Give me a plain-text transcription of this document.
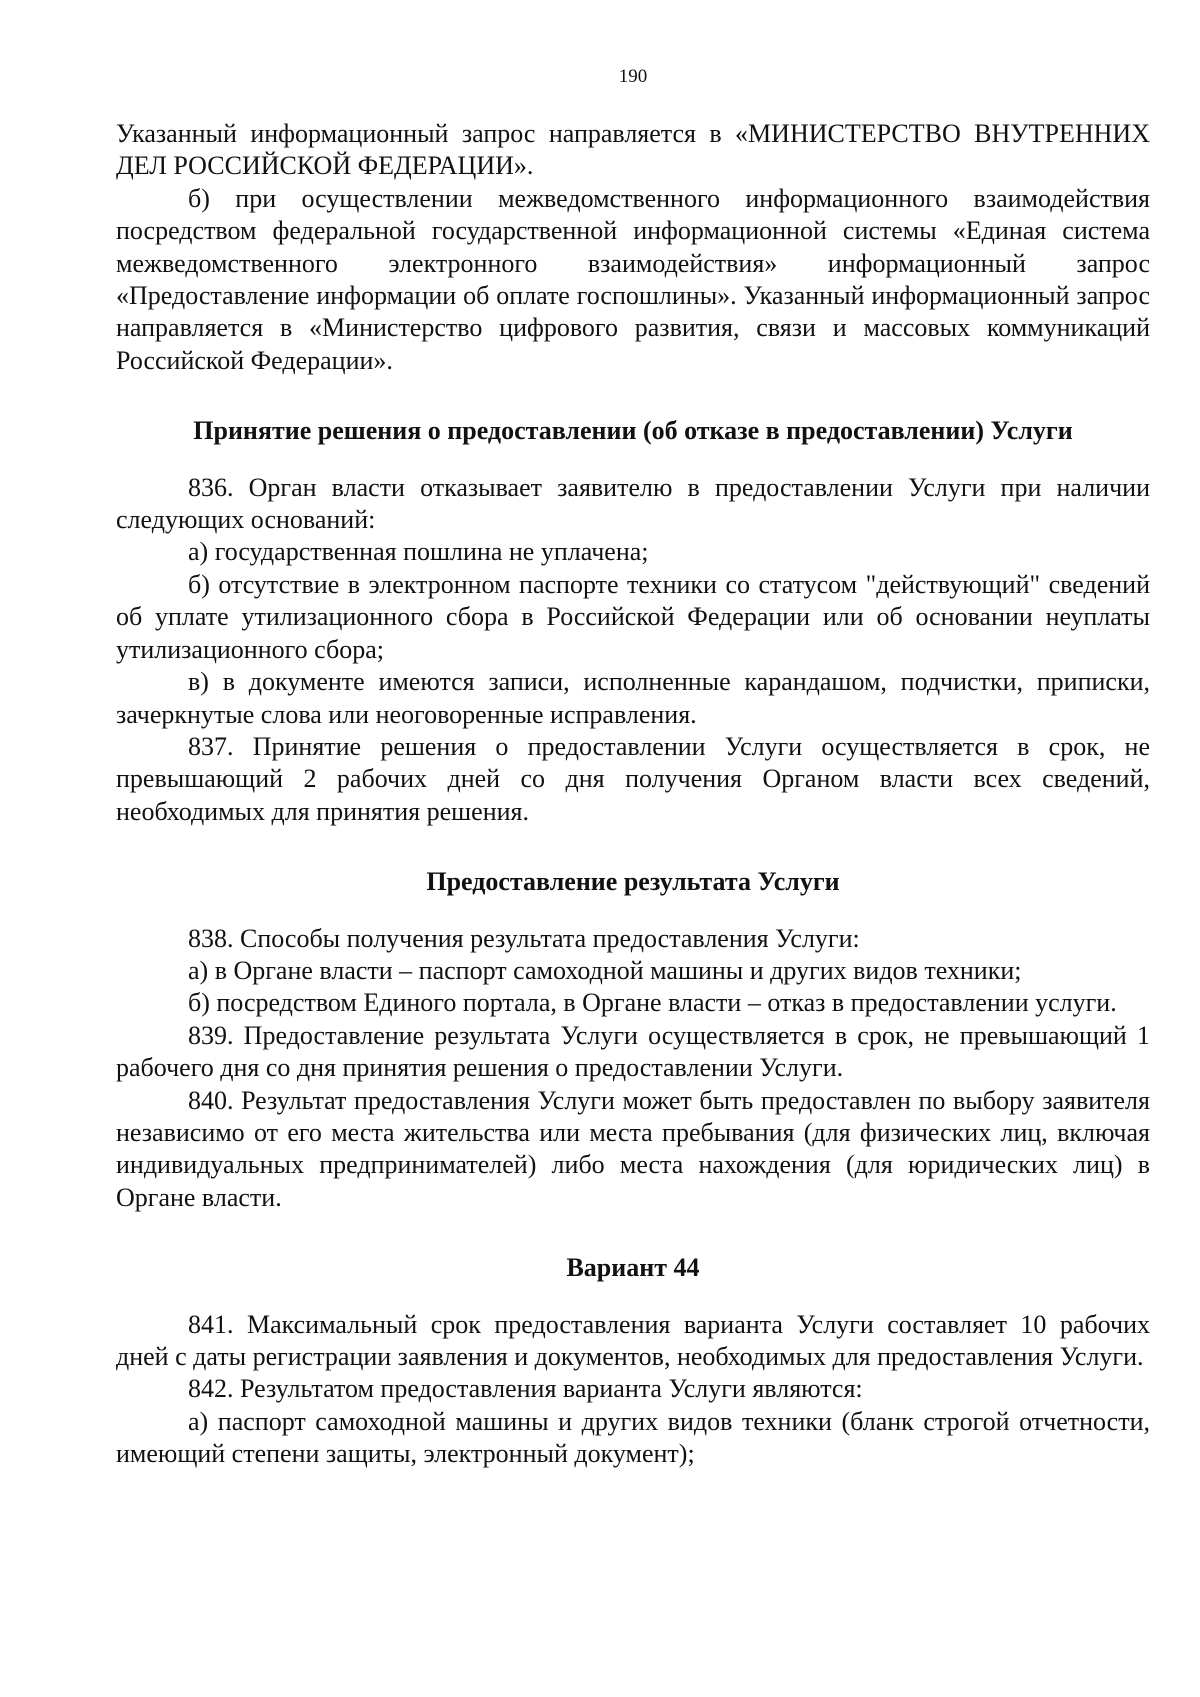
190

Указанный информационный запрос направляется в «МИНИСТЕРСТВО ВНУТРЕННИХ ДЕЛ РОССИЙСКОЙ ФЕДЕРАЦИИ».

б) при осуществлении межведомственного информационного взаимодействия посредством федеральной государственной информационной системы «Единая система межведомственного электронного взаимодействия» информационный запрос «Предоставление информации об оплате госпошлины». Указанный информационный запрос направляется в «Министерство цифрового развития, связи и массовых коммуникаций Российской Федерации».

Принятие решения о предоставлении (об отказе в предоставлении) Услуги

836. Орган власти отказывает заявителю в предоставлении Услуги при наличии следующих оснований:

а) государственная пошлина не уплачена;

б) отсутствие в электронном паспорте техники со статусом "действующий" сведений об уплате утилизационного сбора в Российской Федерации или об основании неуплаты утилизационного сбора;

в) в документе имеются записи, исполненные карандашом, подчистки, приписки, зачеркнутые слова или неоговоренные исправления.

837. Принятие решения о предоставлении Услуги осуществляется в срок, не превышающий 2 рабочих дней со дня получения Органом власти всех сведений, необходимых для принятия решения.

Предоставление результата Услуги

838. Способы получения результата предоставления Услуги:

а) в Органе власти – паспорт самоходной машины и других видов техники;

б) посредством Единого портала, в Органе власти – отказ в предоставлении услуги.

839. Предоставление результата Услуги осуществляется в срок, не превышающий 1 рабочего дня со дня принятия решения о предоставлении Услуги.

840. Результат предоставления Услуги может быть предоставлен по выбору заявителя независимо от его места жительства или места пребывания (для физических лиц, включая индивидуальных предпринимателей) либо места нахождения (для юридических лиц) в Органе власти.

Вариант 44

841. Максимальный срок предоставления варианта Услуги составляет 10 рабочих дней с даты регистрации заявления и документов, необходимых для предоставления Услуги.

842. Результатом предоставления варианта Услуги являются:

а) паспорт самоходной машины и других видов техники (бланк строгой отчетности, имеющий степени защиты, электронный документ);
